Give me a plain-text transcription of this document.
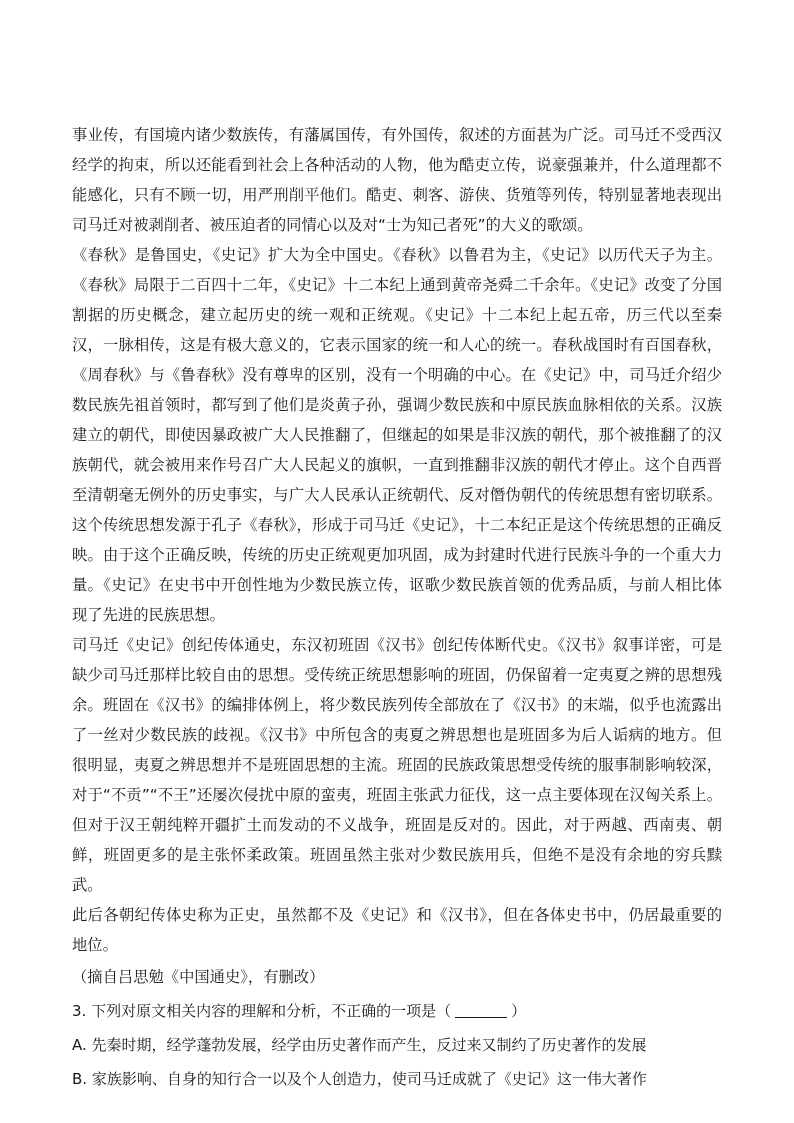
事业传，有国境内诸少数族传，有藩属国传，有外国传，叙述的方面甚为广泛。司马迁不受西汉经学的拘束，所以还能看到社会上各种活动的人物，他为酷吏立传，说豪强兼并，什么道理都不能感化，只有不顾一切，用严刑削平他们。酷吏、刺客、游侠、货殖等列传，特别显著地表现出司马迁对被剥削者、被压迫者的同情心以及对“士为知己者死”的大义的歌颂。

《春秋》是鲁国史，《史记》扩大为全中国史。《春秋》以鲁君为主，《史记》以历代天子为主。《春秋》局限于二百四十二年，《史记》十二本纪上通到黄帝尧舜二千余年。《史记》改变了分国割据的历史概念，建立起历史的统一观和正统观。《史记》十二本纪上起五帝，历三代以至秦汉，一脉相传，这是有极大意义的，它表示国家的统一和人心的统一。春秋战国时有百国春秋，《周春秋》与《鲁春秋》没有尊卑的区别，没有一个明确的中心。在《史记》中，司马迁介绍少数民族先祖首领时，都写到了他们是炎黄子孙，强调少数民族和中原民族血脉相依的关系。汉族建立的朝代，即使因暴政被广大人民推翻了，但继起的如果是非汉族的朝代，那个被推翻了的汉族朝代，就会被用来作号召广大人民起义的旗帜，一直到推翻非汉族的朝代才停止。这个自西晋至清朝毫无例外的历史事实，与广大人民承认正统朝代、反对僭伪朝代的传统思想有密切联系。这个传统思想发源于孔子《春秋》，形成于司马迁《史记》，十二本纪正是这个传统思想的正确反映。由于这个正确反映，传统的历史正统观更加巩固，成为封建时代进行民族斗争的一个重大力量。《史记》在史书中开创性地为少数民族立传，讴歌少数民族首领的优秀品质，与前人相比体现了先进的民族思想。

司马迁《史记》创纪传体通史，东汉初班固《汉书》创纪传体断代史。《汉书》叙事详密，可是缺少司马迁那样比较自由的思想。受传统正统思想影响的班固，仍保留着一定夷夏之辨的思想残余。班固在《汉书》的编排体例上，将少数民族列传全部放在了《汉书》的末端，似乎也流露出了一丝对少数民族的歧视。《汉书》中所包含的夷夏之辨思想也是班固多为后人诟病的地方。但很明显，夷夏之辨思想并不是班固思想的主流。班固的民族政策思想受传统的服事制影响较深，对于“不贡”“不王”还屡次侵扰中原的蛮夷，班固主张武力征伐，这一点主要体现在汉匈关系上。但对于汉王朝纯粹开疆扩土而发动的不义战争，班固是反对的。因此，对于两越、西南夷、朝鲜，班固更多的是主张怀柔政策。班固虽然主张对少数民族用兵，但绝不是没有余地的穷兵黩武。

此后各朝纪传体史称为正史，虽然都不及《史记》和《汉书》，但在各体史书中，仍居最重要的地位。

（摘自吕思勉《中国通史》，有删改）

3. 下列对原文相关内容的理解和分析，不正确的一项是（	）

A. 先秦时期，经学蓬勃发展，经学由历史著作而产生，反过来又制约了历史著作的发展

B. 家族影响、自身的知行合一以及个人创造力，使司马迁成就了《史记》这一伟大著作
